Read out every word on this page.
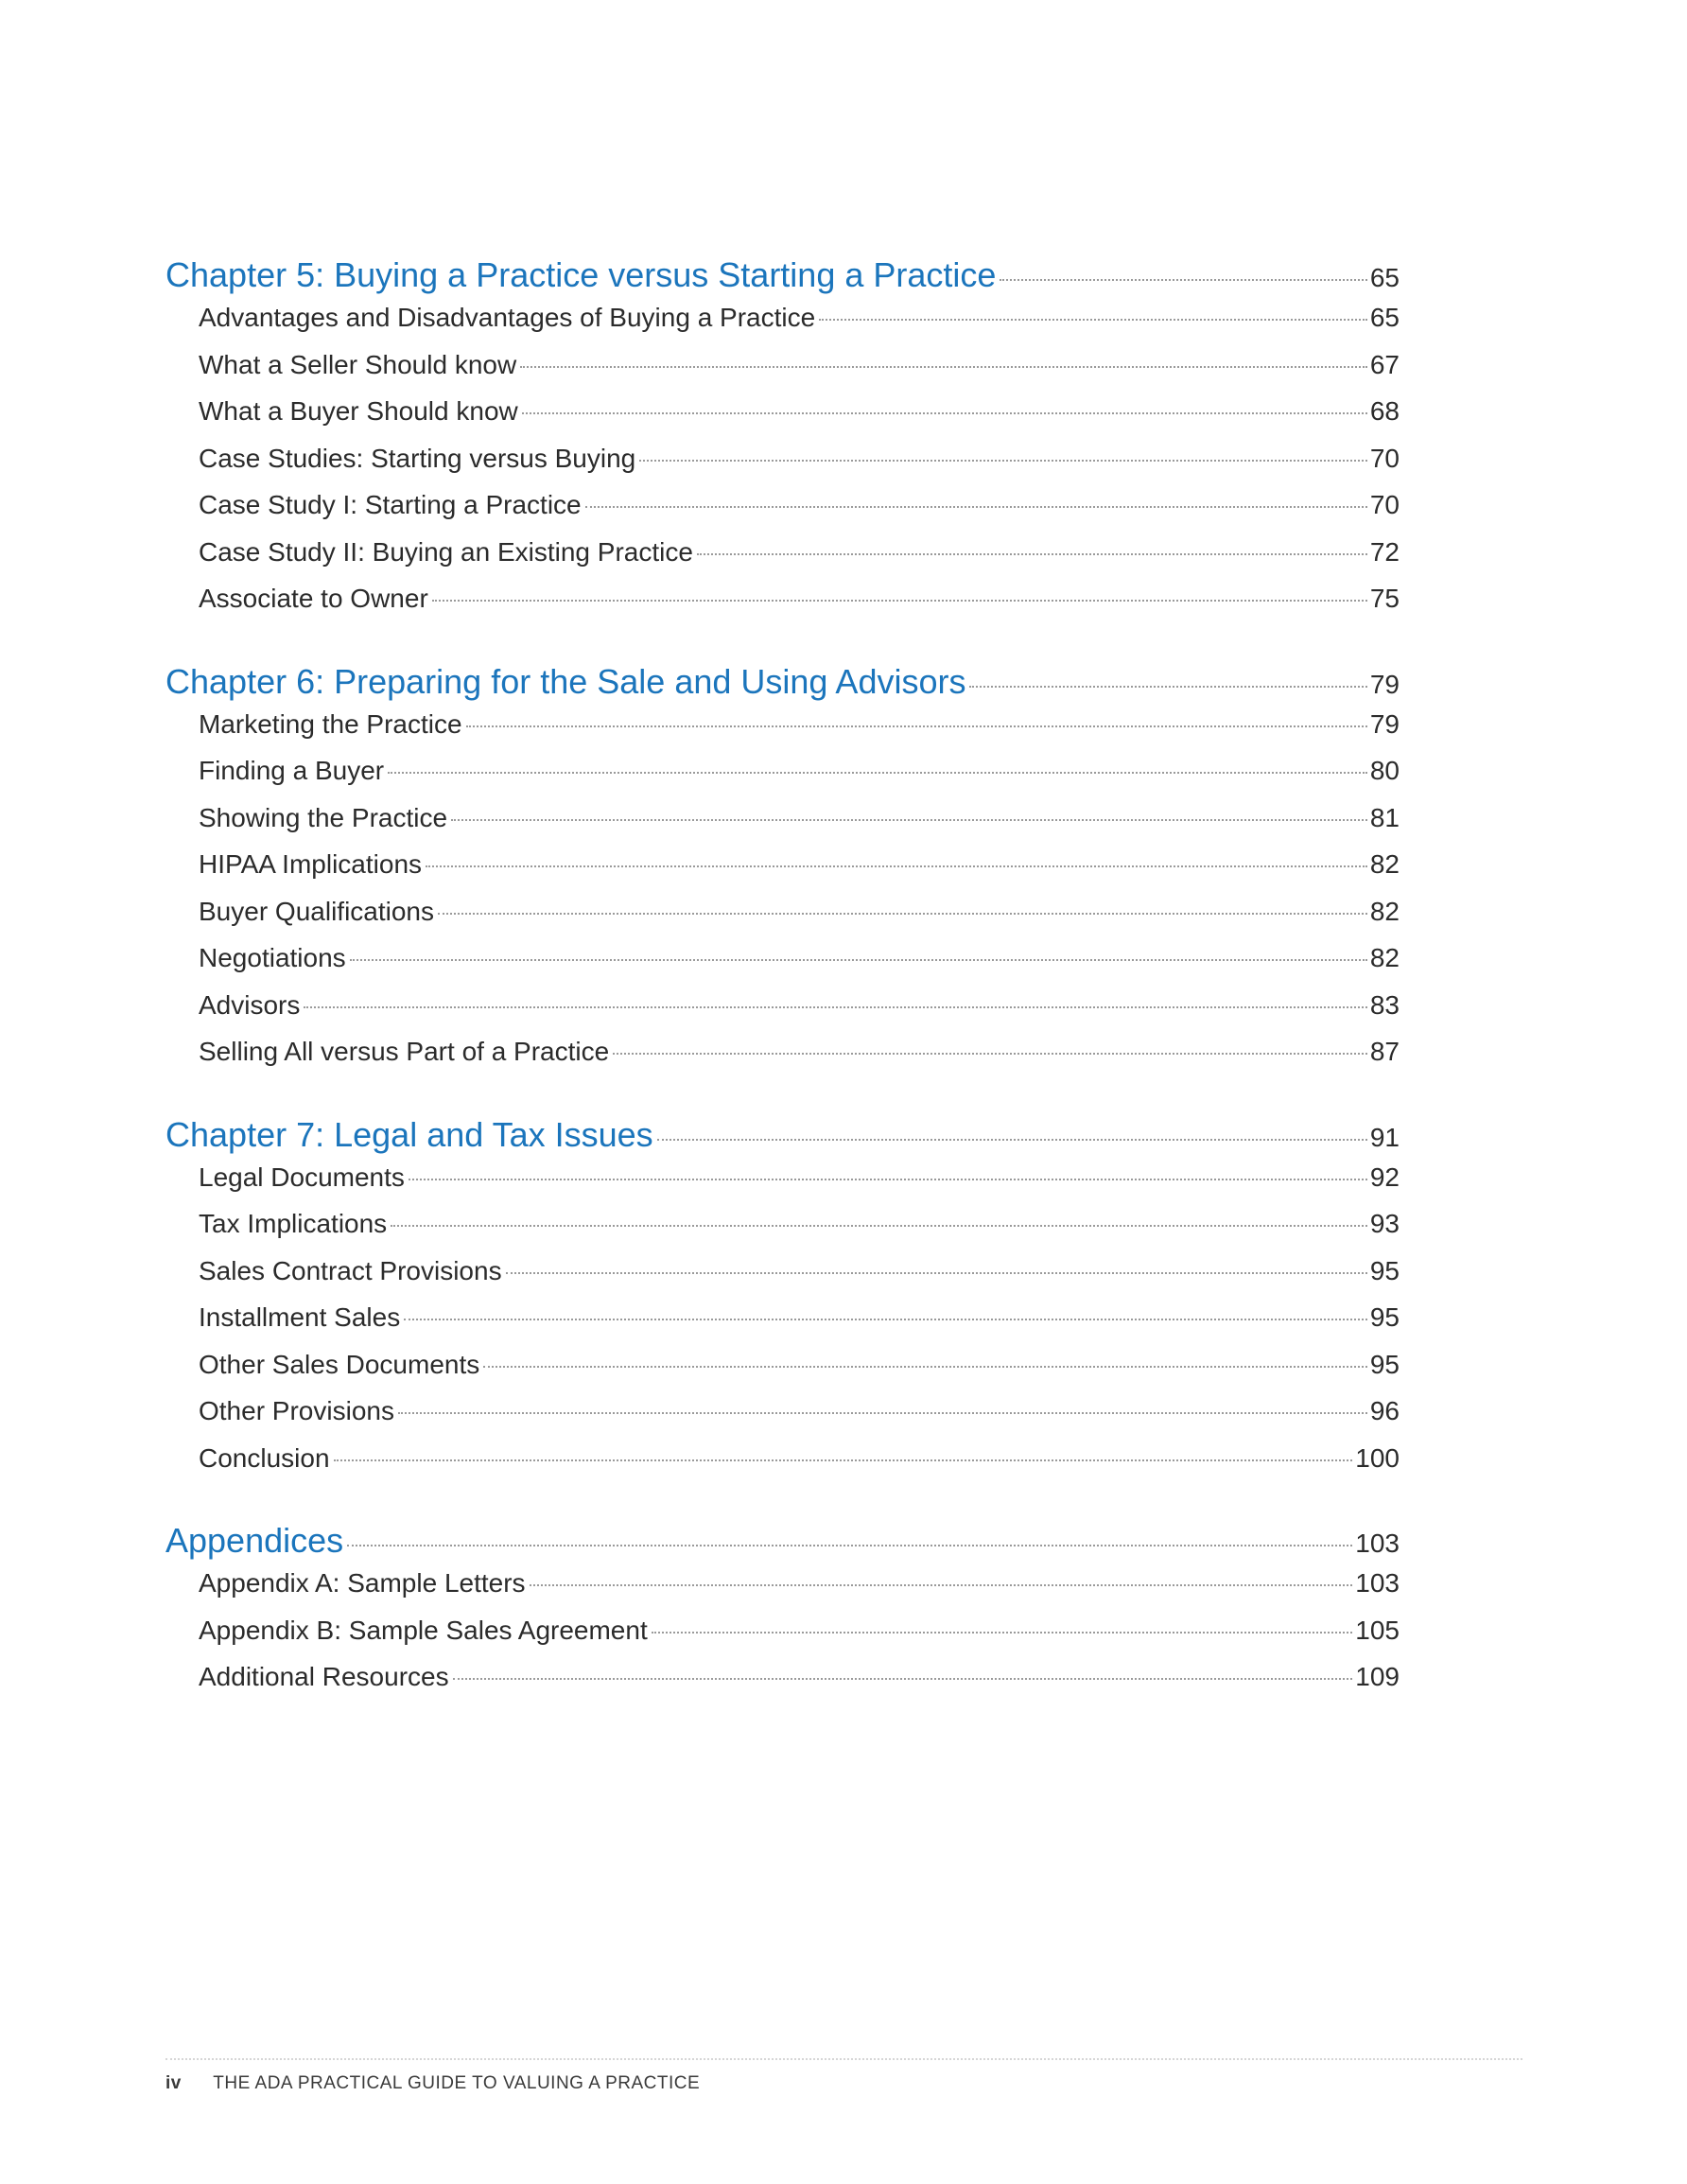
Chapter 5: Buying a Practice versus Starting a Practice	65
Advantages and Disadvantages of Buying a Practice	65
What a Seller Should know	67
What a Buyer Should know	68
Case Studies: Starting versus Buying	70
Case Study I: Starting a Practice	70
Case Study II: Buying an Existing Practice	72
Associate to Owner	75
Chapter 6: Preparing for the Sale and Using Advisors	79
Marketing the Practice	79
Finding a Buyer	80
Showing the Practice	81
HIPAA Implications	82
Buyer Qualifications	82
Negotiations	82
Advisors	83
Selling All versus Part of a Practice	87
Chapter 7: Legal and Tax Issues	91
Legal Documents	92
Tax Implications	93
Sales Contract Provisions	95
Installment Sales	95
Other Sales Documents	95
Other Provisions	96
Conclusion	100
Appendices	103
Appendix A: Sample Letters	103
Appendix B: Sample Sales Agreement	105
Additional Resources	109
iv THE ADA PRACTICAL GUIDE TO VALUING A PRACTICE
